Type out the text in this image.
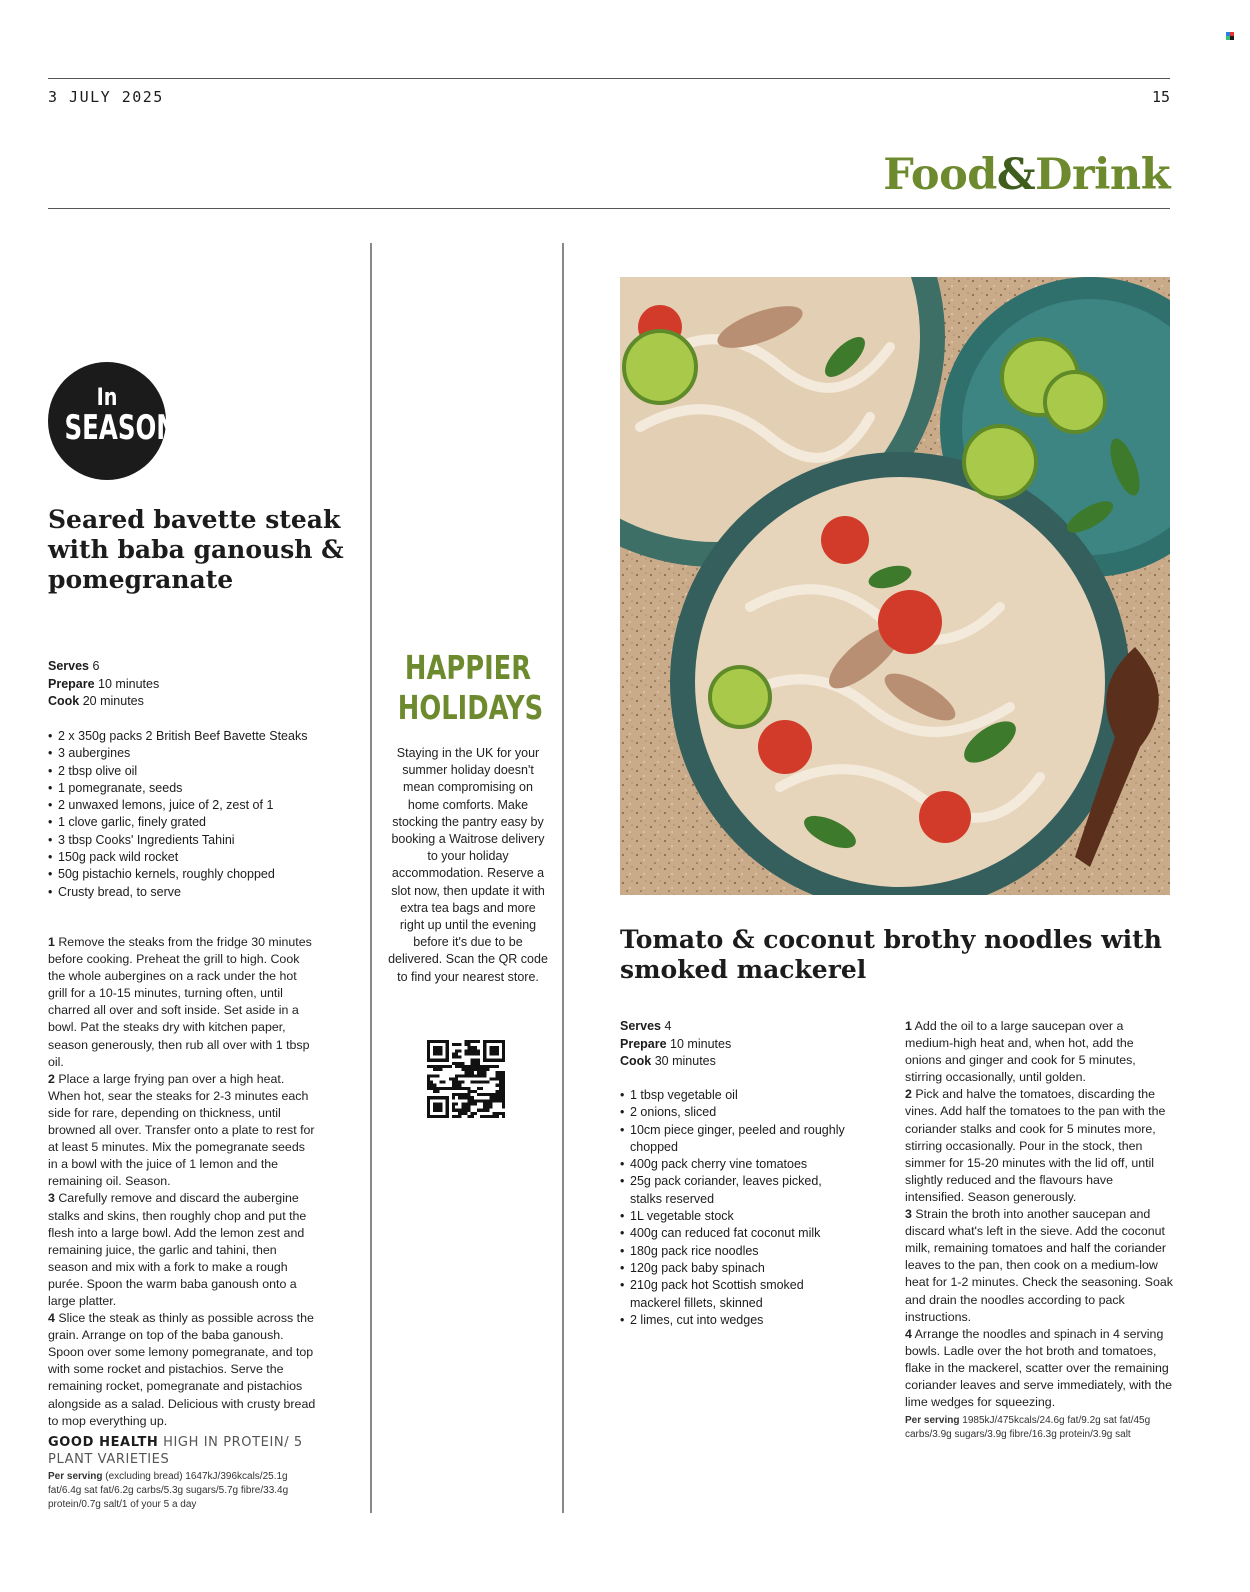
3 JULY 2025	15
Food&Drink
In
SEASON
Seared bavette steak with baba ganoush & pomegranate
Serves 6
Prepare 10 minutes
Cook 20 minutes
• 2 x 350g packs 2 British Beef Bavette Steaks
• 3 aubergines
• 2 tbsp olive oil
• 1 pomegranate, seeds
• 2 unwaxed lemons, juice of 2, zest of 1
• 1 clove garlic, finely grated
• 3 tbsp Cooks' Ingredients Tahini
• 150g pack wild rocket
• 50g pistachio kernels, roughly chopped
• Crusty bread, to serve

1 Remove the steaks from the fridge 30 minutes before cooking. Preheat the grill to high. Cook the whole aubergines on a rack under the hot grill for a 10-15 minutes, turning often, until charred all over and soft inside. Set aside in a bowl. Pat the steaks dry with kitchen paper, season generously, then rub all over with 1 tbsp oil.

2 Place a large frying pan over a high heat. When hot, sear the steaks for 2-3 minutes each side for rare, depending on thickness, until browned all over. Transfer onto a plate to rest for at least 5 minutes. Mix the pomegranate seeds in a bowl with the juice of 1 lemon and the remaining oil. Season.

3 Carefully remove and discard the aubergine stalks and skins, then roughly chop and put the flesh into a large bowl. Add the lemon zest and remaining juice, the garlic and tahini, then season and mix with a fork to make a rough purée. Spoon the warm baba ganoush onto a large platter.

4 Slice the steak as thinly as possible across the grain. Arrange on top of the baba ganoush. Spoon over some lemony pomegranate, and top with some rocket and pistachios. Serve the remaining rocket, pomegranate and pistachios alongside as a salad. Delicious with crusty bread to mop everything up.

GOOD HEALTH HIGH IN PROTEIN/ 5 PLANT VARIETIES
Per serving (excluding bread) 1647kJ/396kcals/25.1g fat/6.4g sat fat/6.2g carbs/5.3g sugars/5.7g fibre/33.4g protein/0.7g salt/1 of your 5 a day
HAPPIER
HOLIDAYS

Staying in the UK for your summer holiday doesn't mean compromising on home comforts. Make stocking the pantry easy by booking a Waitrose delivery to your holiday accommodation. Reserve a slot now, then update it with extra tea bags and more right up until the evening before it's due to be delivered. Scan the QR code to find your nearest store.

Tomato & coconut brothy noodles with smoked mackerel
Serves 4
Prepare 10 minutes
Cook 30 minutes
• 1 tbsp vegetable oil
• 2 onions, sliced
• 10cm piece ginger, peeled and roughly chopped
• 400g pack cherry vine tomatoes
• 25g pack coriander, leaves picked, stalks reserved
• 1L vegetable stock
• 400g can reduced fat coconut milk
• 180g pack rice noodles
• 120g pack baby spinach
• 210g pack hot Scottish smoked mackerel fillets, skinned
• 2 limes, cut into wedges

1 Add the oil to a large saucepan over a medium-high heat and, when hot, add the onions and ginger and cook for 5 minutes, stirring occasionally, until golden.

2 Pick and halve the tomatoes, discarding the vines. Add half the tomatoes to the pan with the coriander stalks and cook for 5 minutes more, stirring occasionally. Pour in the stock, then simmer for 15-20 minutes with the lid off, until slightly reduced and the flavours have intensified. Season generously.

3 Strain the broth into another saucepan and discard what's left in the sieve. Add the coconut milk, remaining tomatoes and half the coriander leaves to the pan, then cook on a medium-low heat for 1-2 minutes. Check the seasoning. Soak and drain the noodles according to pack instructions.

4 Arrange the noodles and spinach in 4 serving bowls. Ladle over the hot broth and tomatoes, flake in the mackerel, scatter over the remaining coriander leaves and serve immediately, with the lime wedges for squeezing.

Per serving 1985kJ/475kcals/24.6g fat/9.2g sat fat/45g carbs/3.9g sugars/3.9g fibre/16.3g protein/3.9g salt
